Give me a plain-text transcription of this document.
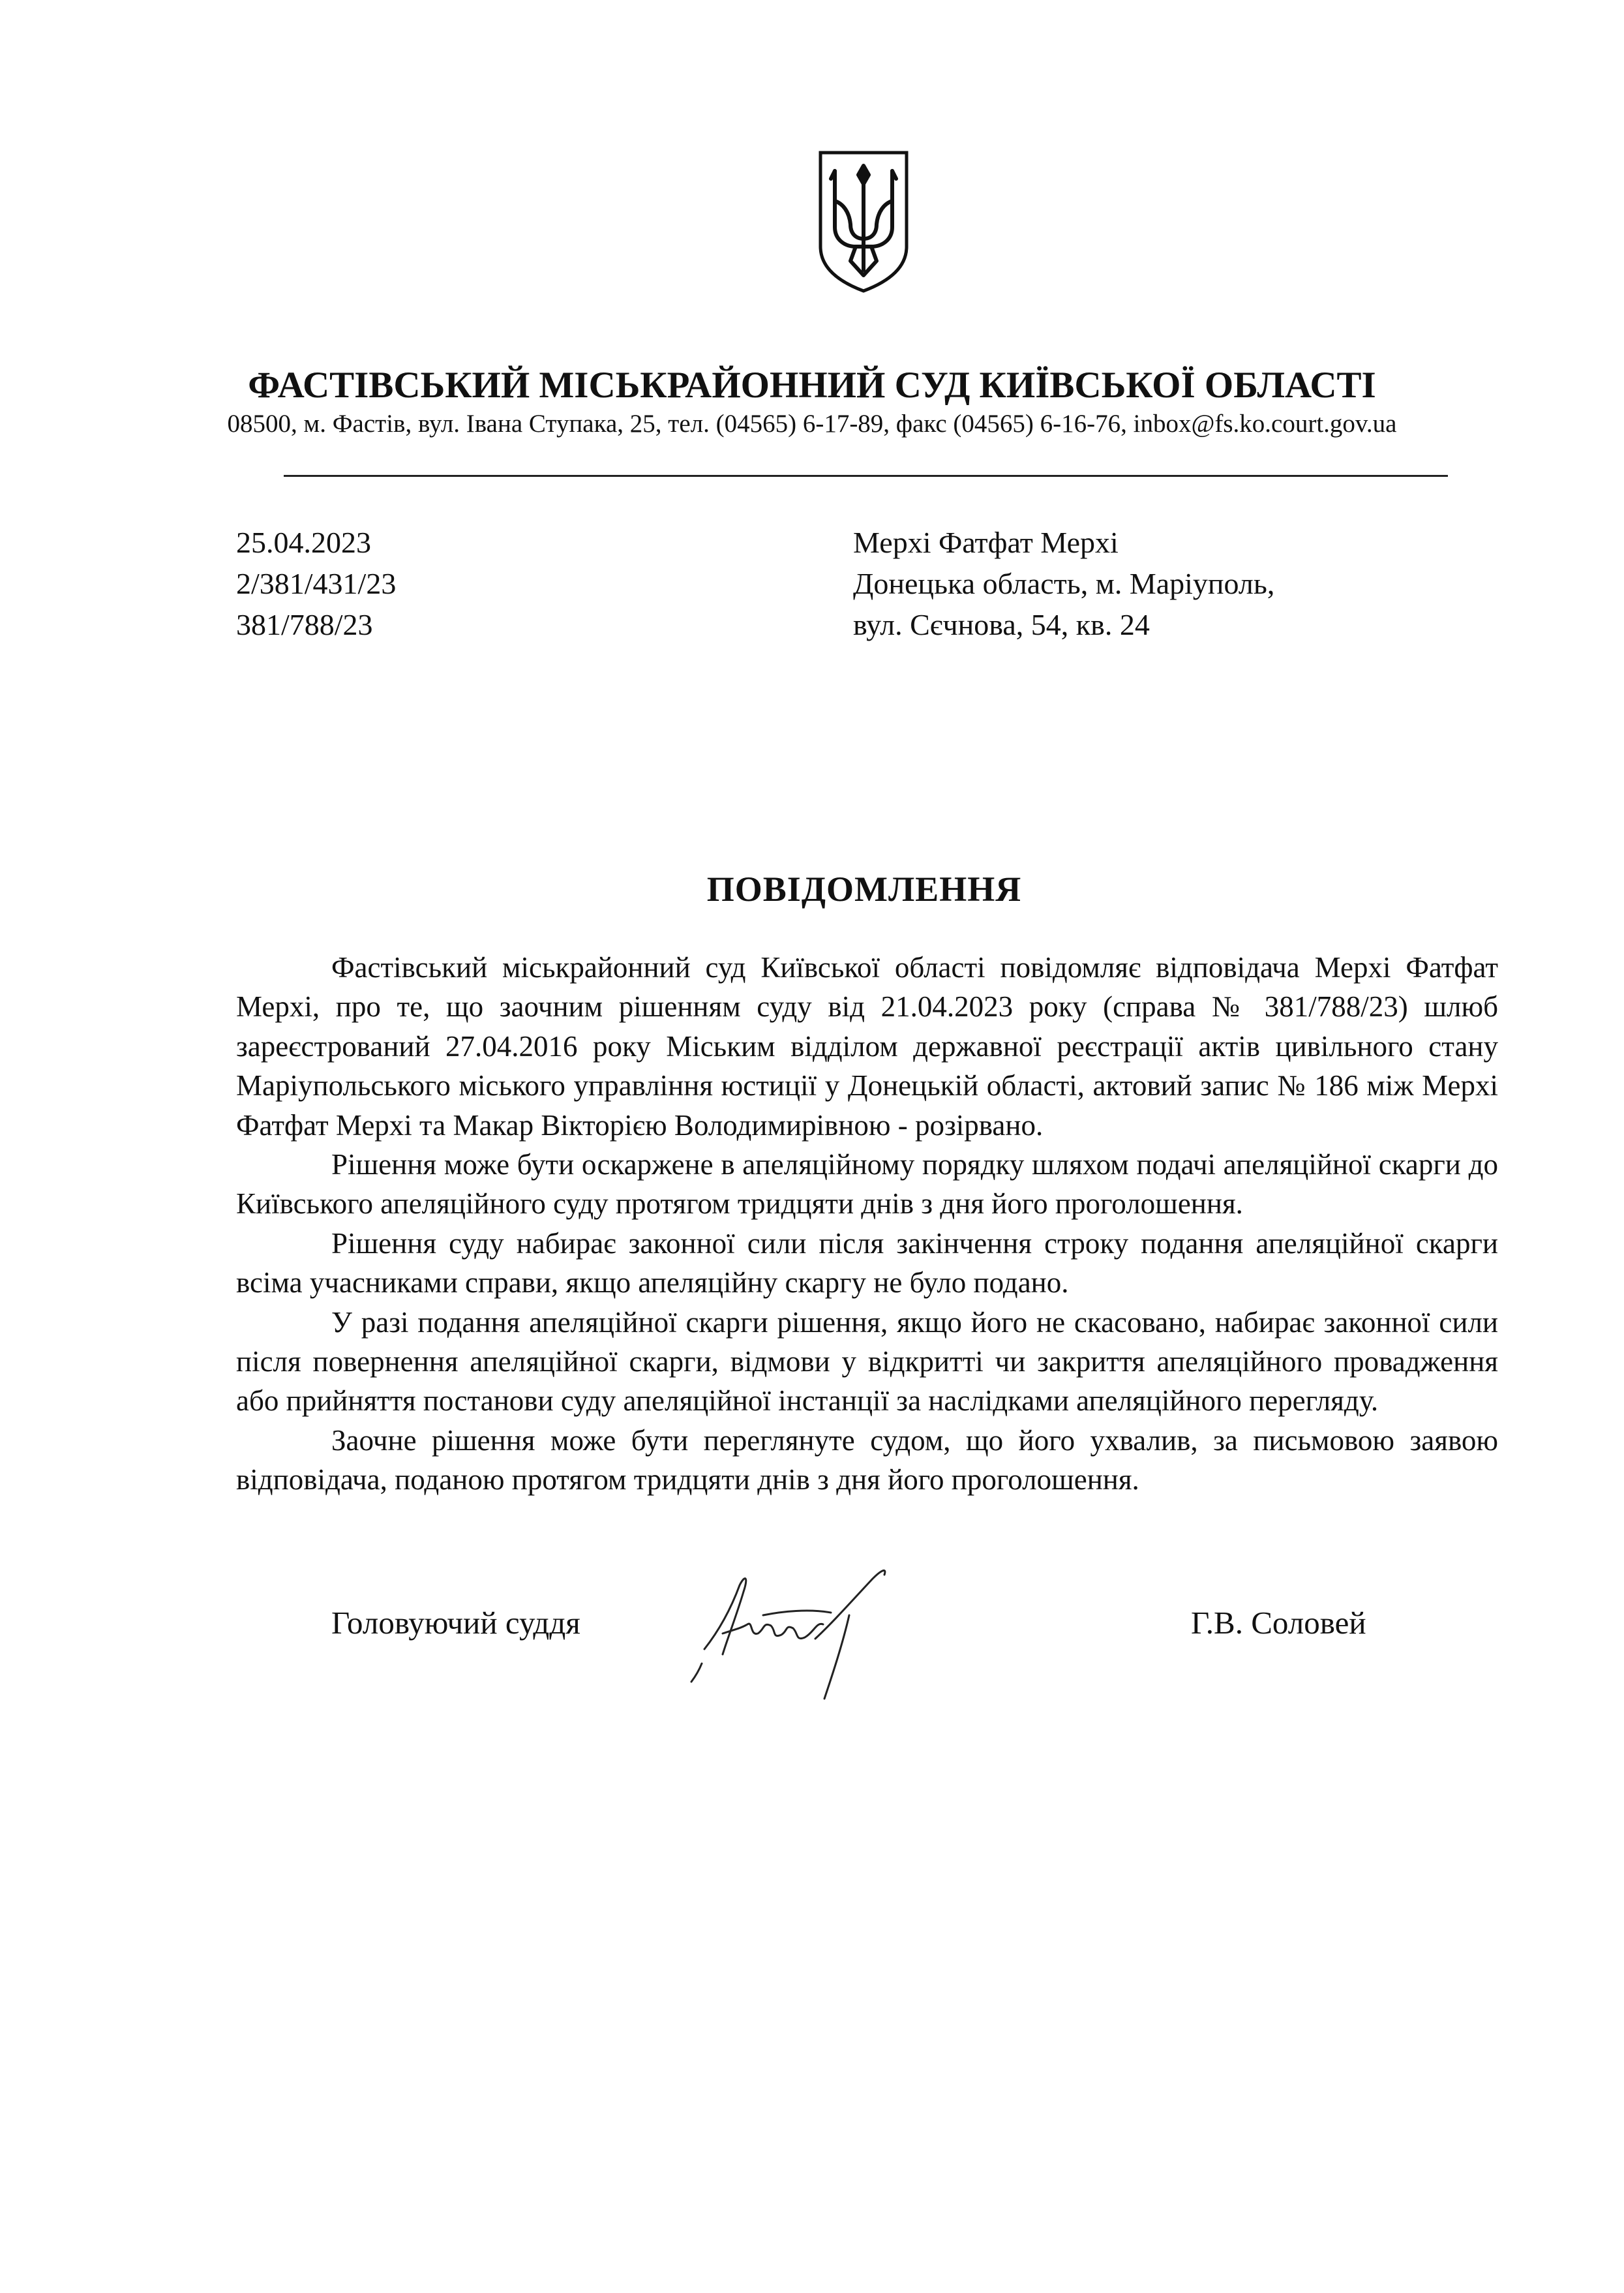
ФАСТІВСЬКИЙ МІСЬКРАЙОННИЙ СУД КИЇВСЬКОЇ ОБЛАСТІ
08500, м. Фастів, вул. Івана Ступака, 25, тел. (04565) 6-17-89, факс (04565) 6-16-76, inbox@fs.ko.court.gov.ua
25.04.2023
2/381/431/23
381/788/23
Мерхі Фатфат Мерхі
Донецька область, м. Маріуполь,
вул. Сєчнова, 54, кв. 24
ПОВІДОМЛЕННЯ

Фастівський міськрайонний суд Київської області повідомляє відповідача Мерхі Фатфат Мерхі, про те, що заочним рішенням суду від 21.04.2023 року (справа № 381/788/23) шлюб зареєстрований 27.04.2016 року Міським відділом державної реєстрації актів цивільного стану Маріупольського міського управління юстиції у Донецькій області, актовий запис № 186 між Мерхі Фатфат Мерхі та Макар Вікторією Володимирівною - розірвано.

Рішення може бути оскаржене в апеляційному порядку шляхом подачі апеляційної скарги до Київського апеляційного суду протягом тридцяти днів з дня його проголошення.

Рішення суду набирає законної сили після закінчення строку подання апеляційної скарги всіма учасниками справи, якщо апеляційну скаргу не було подано.

У разі подання апеляційної скарги рішення, якщо його не скасовано, набирає законної сили після повернення апеляційної скарги, відмови у відкритті чи закриття апеляційного провадження або прийняття постанови суду апеляційної інстанції за наслідками апеляційного перегляду.

Заочне рішення може бути переглянуте судом, що його ухвалив, за письмовою заявою відповідача, поданою протягом тридцяти днів з дня його проголошення.

Головуючий суддя	Г.В. Соловей
